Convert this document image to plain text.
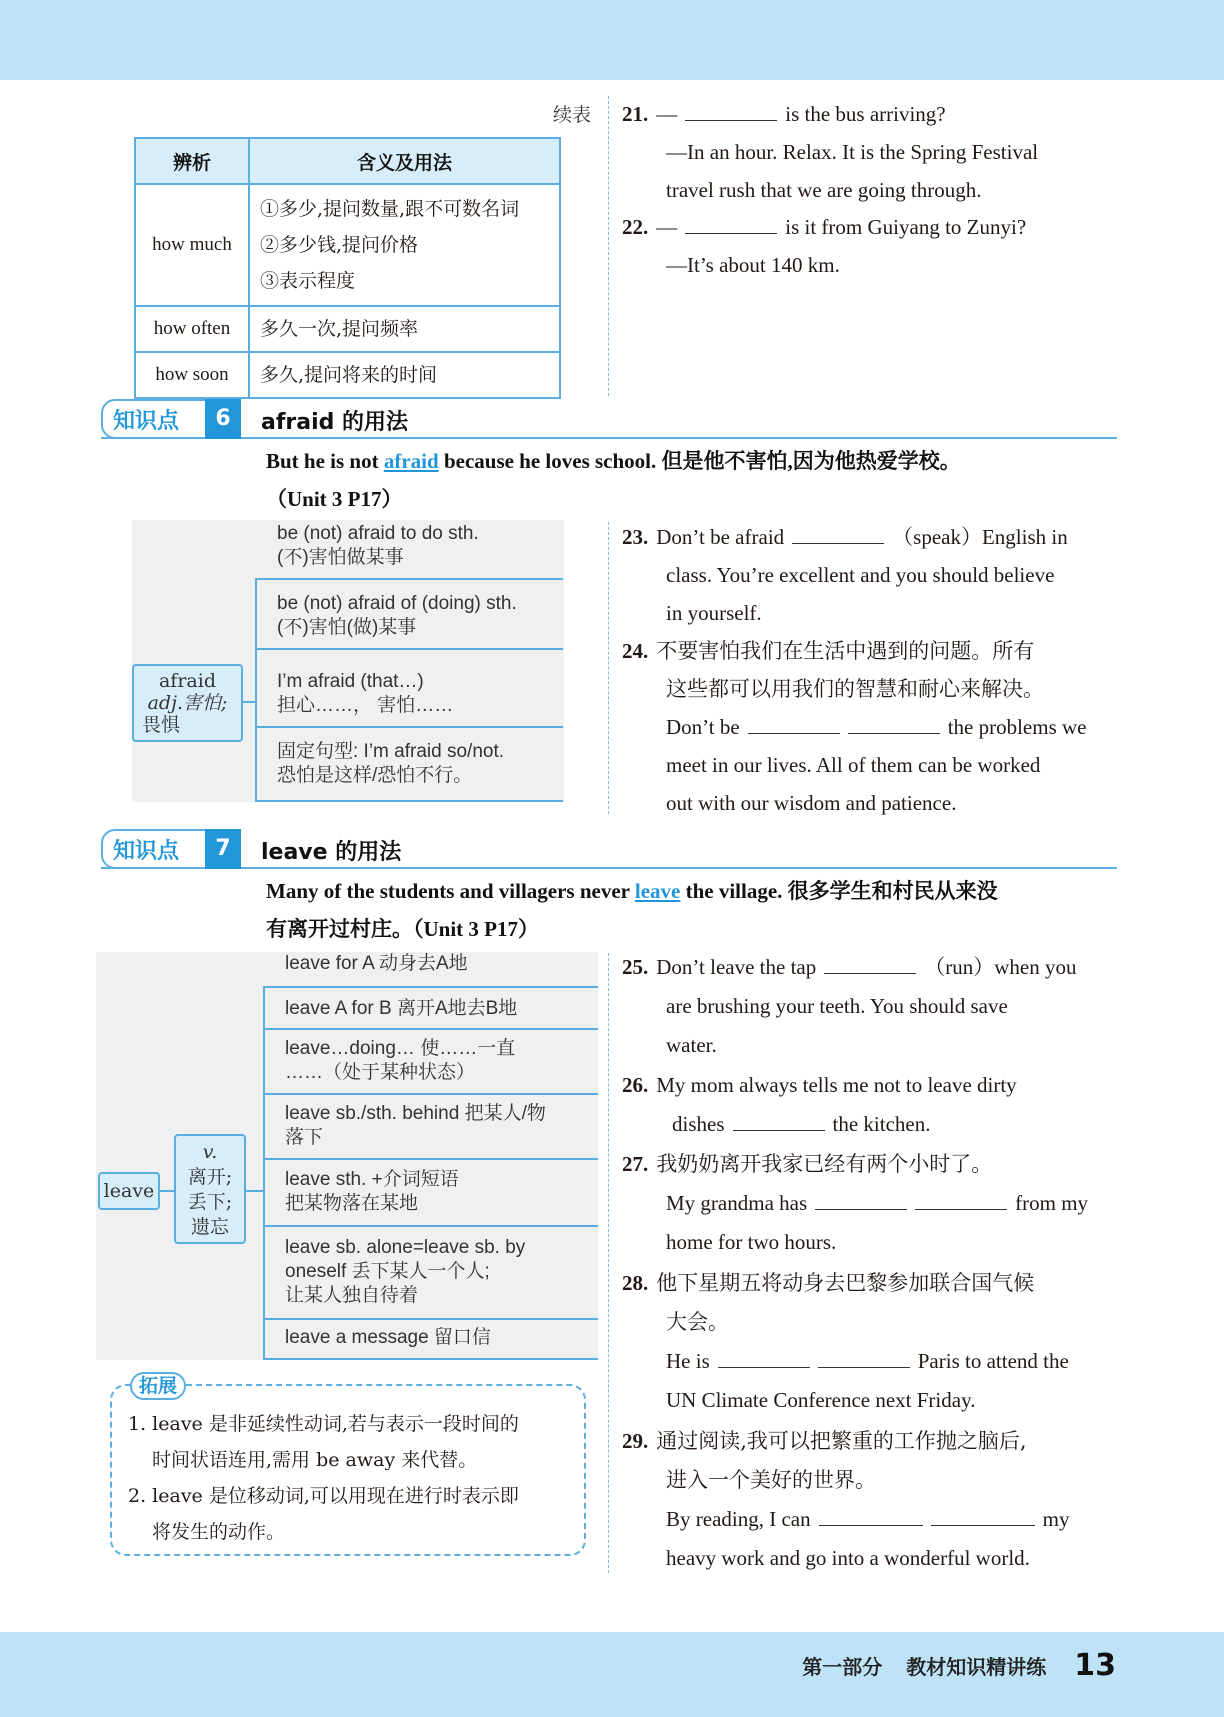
续表
辨析	含义及用法
how much	①多少,提问数量,跟不可数名词
②多少钱,提问价格
③表示程度

how often	多久一次,提问频率

how soon	多久,提问将来的时间
21. —	is the bus arriving?
—In an hour. Relax. It is the Spring Festival
travel rush that we are going through.
22. —	is it from Guiyang to Zunyi?
—It’s about 140 km.
知识点	6	afraid 的用法
But he is not afraid because he loves school. 但是他不害怕,因为他热爱学校。
（Unit 3 P17）
afraid
adj.害怕;
畏惧
be (not) afraid to do sth.
(不)害怕做某事
be (not) afraid of (doing) sth.
(不)害怕(做)某事
I’m afraid (that…)
担心……， 害怕……
固定句型: I’m afraid so/not.
恐怕是这样/恐怕不行。
23. Don’t be afraid	（speak）English in
class. You’re excellent and you should believe
in yourself.
24. 不要害怕我们在生活中遇到的问题。所有
这些都可以用我们的智慧和耐心来解决。
Don’t be	the problems we
meet in our lives. All of them can be worked
out with our wisdom and patience.
知识点	7	leave 的用法
Many of the students and villagers never leave the village. 很多学生和村民从来没
有离开过村庄。（Unit 3 P17）
leave
v.
离开;
丢下;
遗忘
leave for A 动身去A地
leave A for B 离开A地去B地
leave…doing… 使……一直
……（处于某种状态）
leave sb./sth. behind 把某人/物
落下
leave sth. +介词短语
把某物落在某地
leave sb. alone=leave sb. by
oneself 丢下某人一个人;
让某人独自待着
leave a message 留口信
拓展
1. leave 是非延续性动词,若与表示一段时间的
时间状语连用,需用 be away 来代替。
2. leave 是位移动词,可以用现在进行时表示即
将发生的动作。
25. Don’t leave the tap	（run）when you
are brushing your teeth. You should save
water.
26. My mom always tells me not to leave dirty
dishes	the kitchen.
27. 我奶奶离开我家已经有两个小时了。
My grandma has	from my
home for two hours.
28. 他下星期五将动身去巴黎参加联合国气候
大会。
He is	Paris to attend the
UN Climate Conference next Friday.
29. 通过阅读,我可以把繁重的工作抛之脑后,
进入一个美好的世界。
By reading, I can	my
heavy work and go into a wonderful world.
第一部分 教材知识精讲练 13
